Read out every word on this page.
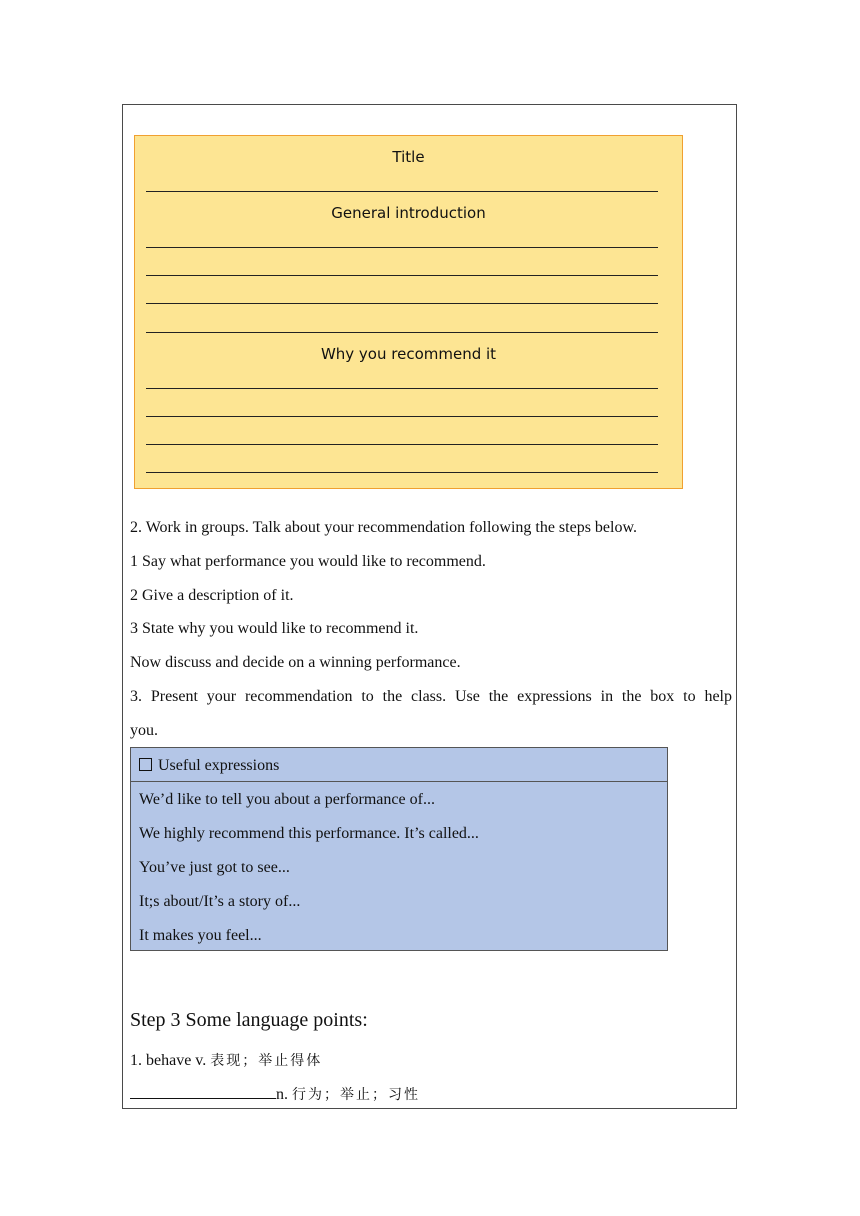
Title
General introduction
Why you recommend it
2. Work in groups. Talk about your recommendation following the steps below.
1 Say what performance you would like to recommend.
2 Give a description of it.
3 State why you would like to recommend it.
Now discuss and decide on a winning performance.
3. Present your recommendation to the class. Use the expressions in the box to help
you.
Useful expressions
We’d like to tell you about a performance of...
We highly recommend this performance. It’s called...
You’ve just got to see...
It;s about/It’s a story of...
It makes you feel...
Step 3 Some language points:
1. behave v. 表现；举止得体
n. 行为；举止；习性
